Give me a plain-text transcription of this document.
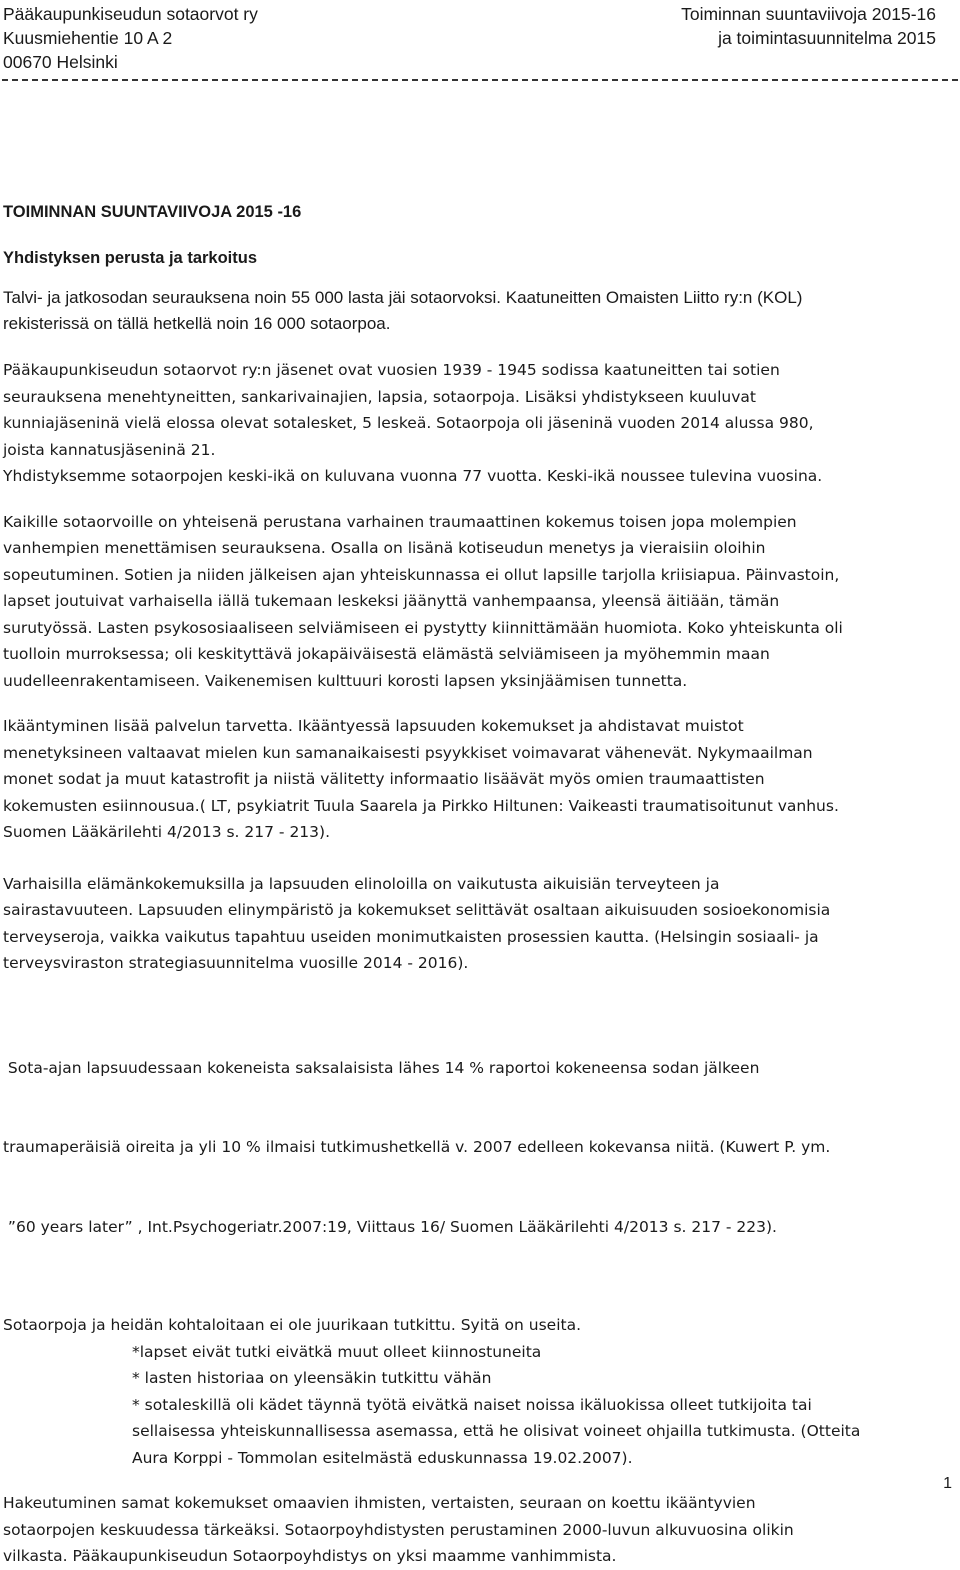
Pääkaupunkiseudun sotaorvot ry
Kuusmiehentie 10 A 2
00670 Helsinki
Toiminnan suuntaviivoja 2015-16
ja toimintasuunnitelma 2015
TOIMINNAN SUUNTAVIIVOJA 2015 -16
Yhdistyksen perusta ja tarkoitus
Talvi- ja jatkosodan seurauksena noin 55 000 lasta jäi sotaorvoksi. Kaatuneitten Omaisten Liitto ry:n (KOL)
rekisterissä on tällä hetkellä noin 16 000 sotaorpoa.
Pääkaupunkiseudun sotaorvot ry:n jäsenet ovat vuosien 1939 - 1945 sodissa kaatuneitten tai sotien
seurauksena menehtyneitten, sankarivainajien, lapsia, sotaorpoja. Lisäksi yhdistykseen kuuluvat
kunniajäseninä vielä elossa olevat sotalesket, 5 leskeä. Sotaorpoja oli jäseninä vuoden 2014 alussa 980,
joista kannatusjäseninä 21.
Yhdistyksemme sotaorpojen keski-ikä on kuluvana vuonna 77 vuotta. Keski-ikä noussee tulevina vuosina.
Kaikille sotaorvoille on yhteisenä perustana varhainen traumaattinen kokemus toisen jopa molempien
vanhempien menettämisen seurauksena. Osalla on lisänä kotiseudun menetys ja vieraisiin oloihin
sopeutuminen. Sotien ja niiden jälkeisen ajan yhteiskunnassa ei ollut lapsille tarjolla kriisiapua. Päinvastoin,
lapset joutuivat varhaisella iällä tukemaan leskeksi jäänyttä vanhempaansa, yleensä äitiään, tämän
surutyössä. Lasten psykososiaaliseen selviämiseen ei pystytty kiinnittämään huomiota. Koko yhteiskunta oli
tuolloin murroksessa; oli keskityttävä jokapäiväisestä elämästä selviämiseen ja myöhemmin maan
uudelleenrakentamiseen. Vaikenemisen kulttuuri korosti lapsen yksinjäämisen tunnetta.
Ikääntyminen lisää palvelun tarvetta. Ikääntyessä lapsuuden kokemukset ja ahdistavat muistot
menetyksineen valtaavat mielen kun samanaikaisesti psyykkiset voimavarat vähenevät. Nykymaailman
monet sodat ja muut katastrofit ja niistä välitetty informaatio lisäävät myös omien traumaattisten
kokemusten esiinnousua.( LT, psykiatrit Tuula Saarela ja Pirkko Hiltunen: Vaikeasti traumatisoitunut vanhus.
Suomen Lääkärilehti 4/2013 s. 217 - 213).
Varhaisilla elämänkokemuksilla ja lapsuuden elinoloilla on vaikutusta aikuisiän terveyteen ja
sairastavuuteen. Lapsuuden elinympäristö ja kokemukset selittävät osaltaan aikuisuuden sosioekonomisia
terveyseroja, vaikka vaikutus tapahtuu useiden monimutkaisten prosessien kautta. (Helsingin sosiaali- ja
terveysviraston strategiasuunnitelma vuosille 2014 - 2016).

Sota-ajan lapsuudessaan kokeneista saksalaisista lähes 14 % raportoi kokeneensa sodan jälkeen

traumaperäisiä oireita ja yli 10 % ilmaisi tutkimushetkellä v. 2007 edelleen kokevansa niitä. (Kuwert P. ym.

”60 years later” , Int.Psychogeriatr.2007:19, Viittaus 16/ Suomen Lääkärilehti 4/2013 s. 217 - 223).

Sotaorpoja ja heidän kohtaloitaan ei ole juurikaan tutkittu. Syitä on useita.
*lapset eivät tutki eivätkä muut olleet kiinnostuneita
* lasten historiaa on yleensäkin tutkittu vähän
* sotaleskillä oli kädet täynnä työtä eivätkä naiset noissa ikäluokissa olleet tutkijoita tai
sellaisessa yhteiskunnallisessa asemassa, että he olisivat voineet ohjailla tutkimusta. (Otteita
Aura Korppi - Tommolan esitelmästä eduskunnassa 19.02.2007).
Hakeutuminen samat kokemukset omaavien ihmisten, vertaisten, seuraan on koettu ikääntyvien
sotaorpojen keskuudessa tärkeäksi. Sotaorpoyhdistysten perustaminen 2000-luvun alkuvuosina olikin
vilkasta. Pääkaupunkiseudun Sotaorpoyhdistys on yksi maamme vanhimmista.
1
